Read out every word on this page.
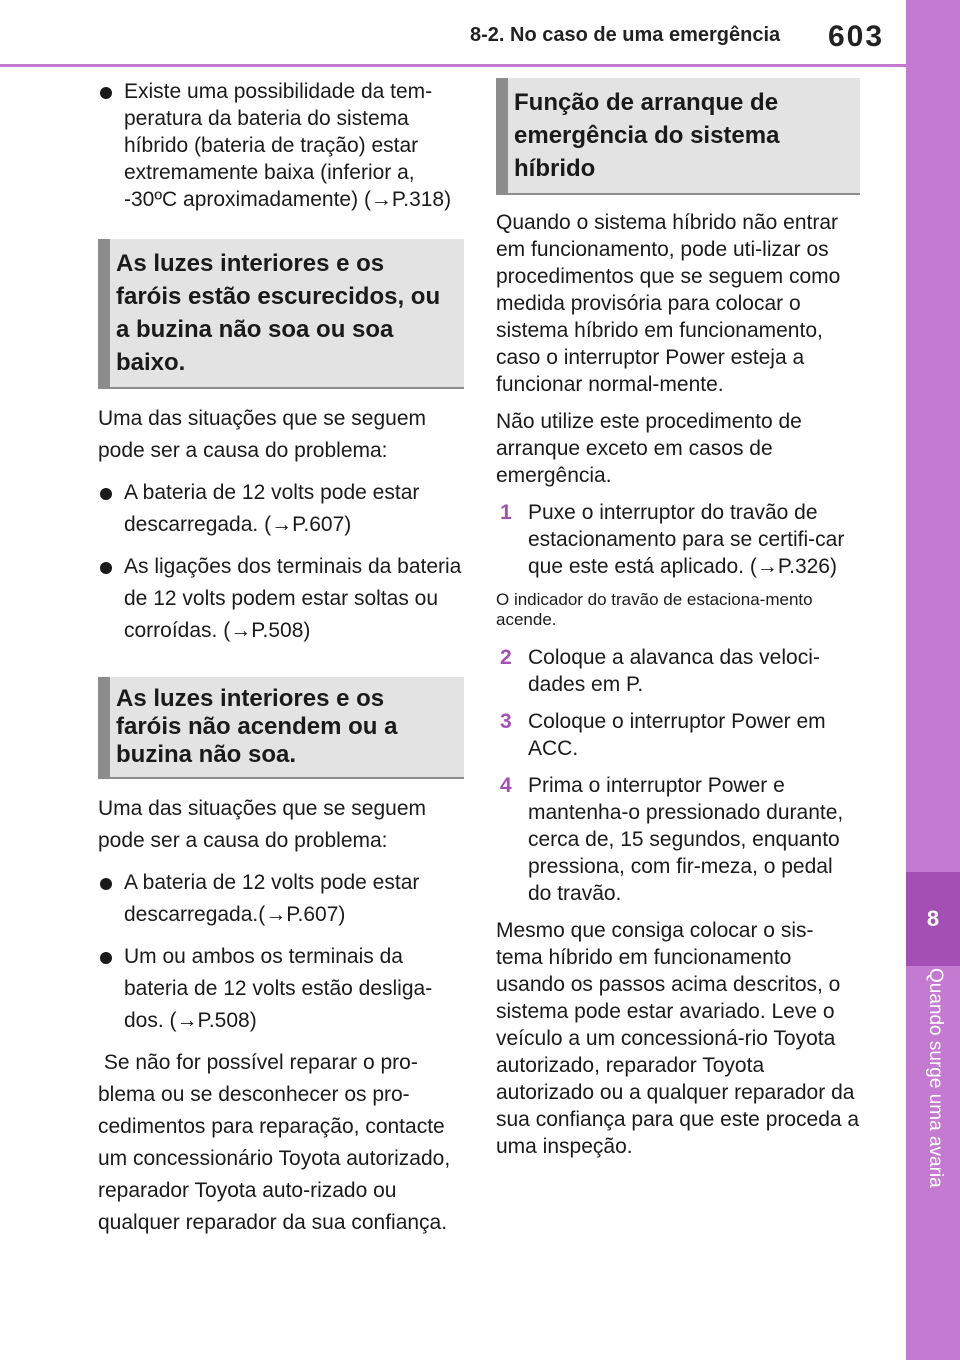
8-2. No caso de uma emergência 603
8
Quando surge uma avaria
Existe uma possibilidade da tem-peratura da bateria do sistema híbrido (bateria de tração) estar extremamente baixa (inferior a, -30ºC aproximadamente) (→P.318)
As luzes interiores e os faróis estão escurecidos, ou a buzina não soa ou soa baixo.
Uma das situações que se seguem pode ser a causa do problema:
A bateria de 12 volts pode estar descarregada. (→P.607)
As ligações dos terminais da bateria de 12 volts podem estar soltas ou corroídas. (→P.508)
As luzes interiores e os faróis não acendem ou a buzina não soa.
Uma das situações que se seguem pode ser a causa do problema:
A bateria de 12 volts pode estar descarregada.(→P.607)
Um ou ambos os terminais da bateria de 12 volts estão desliga-dos. (→P.508)
Se não for possível reparar o pro-blema ou se desconhecer os pro-cedimentos para reparação, contacte um concessionário Toyota autorizado, reparador Toyota auto-rizado ou qualquer reparador da sua confiança.
Função de arranque de emergência do sistema híbrido
Quando o sistema híbrido não entrar em funcionamento, pode uti-lizar os procedimentos que se seguem como medida provisória para colocar o sistema híbrido em funcionamento, caso o interruptor Power esteja a funcionar normal-mente.
Não utilize este procedimento de arranque exceto em casos de emergência.
1 Puxe o interruptor do travão de estacionamento para se certifi-car que este está aplicado. (→P.326)
O indicador do travão de estaciona-mento acende.
2 Coloque a alavanca das veloci-dades em P.
3 Coloque o interruptor Power em ACC.
4 Prima o interruptor Power e mantenha-o pressionado durante, cerca de, 15 segundos, enquanto pressiona, com fir-meza, o pedal do travão.
Mesmo que consiga colocar o sis-tema híbrido em funcionamento usando os passos acima descritos, o sistema pode estar avariado. Leve o veículo a um concessioná-rio Toyota autorizado, reparador Toyota autorizado ou a qualquer reparador da sua confiança para que este proceda a uma inspeção.
